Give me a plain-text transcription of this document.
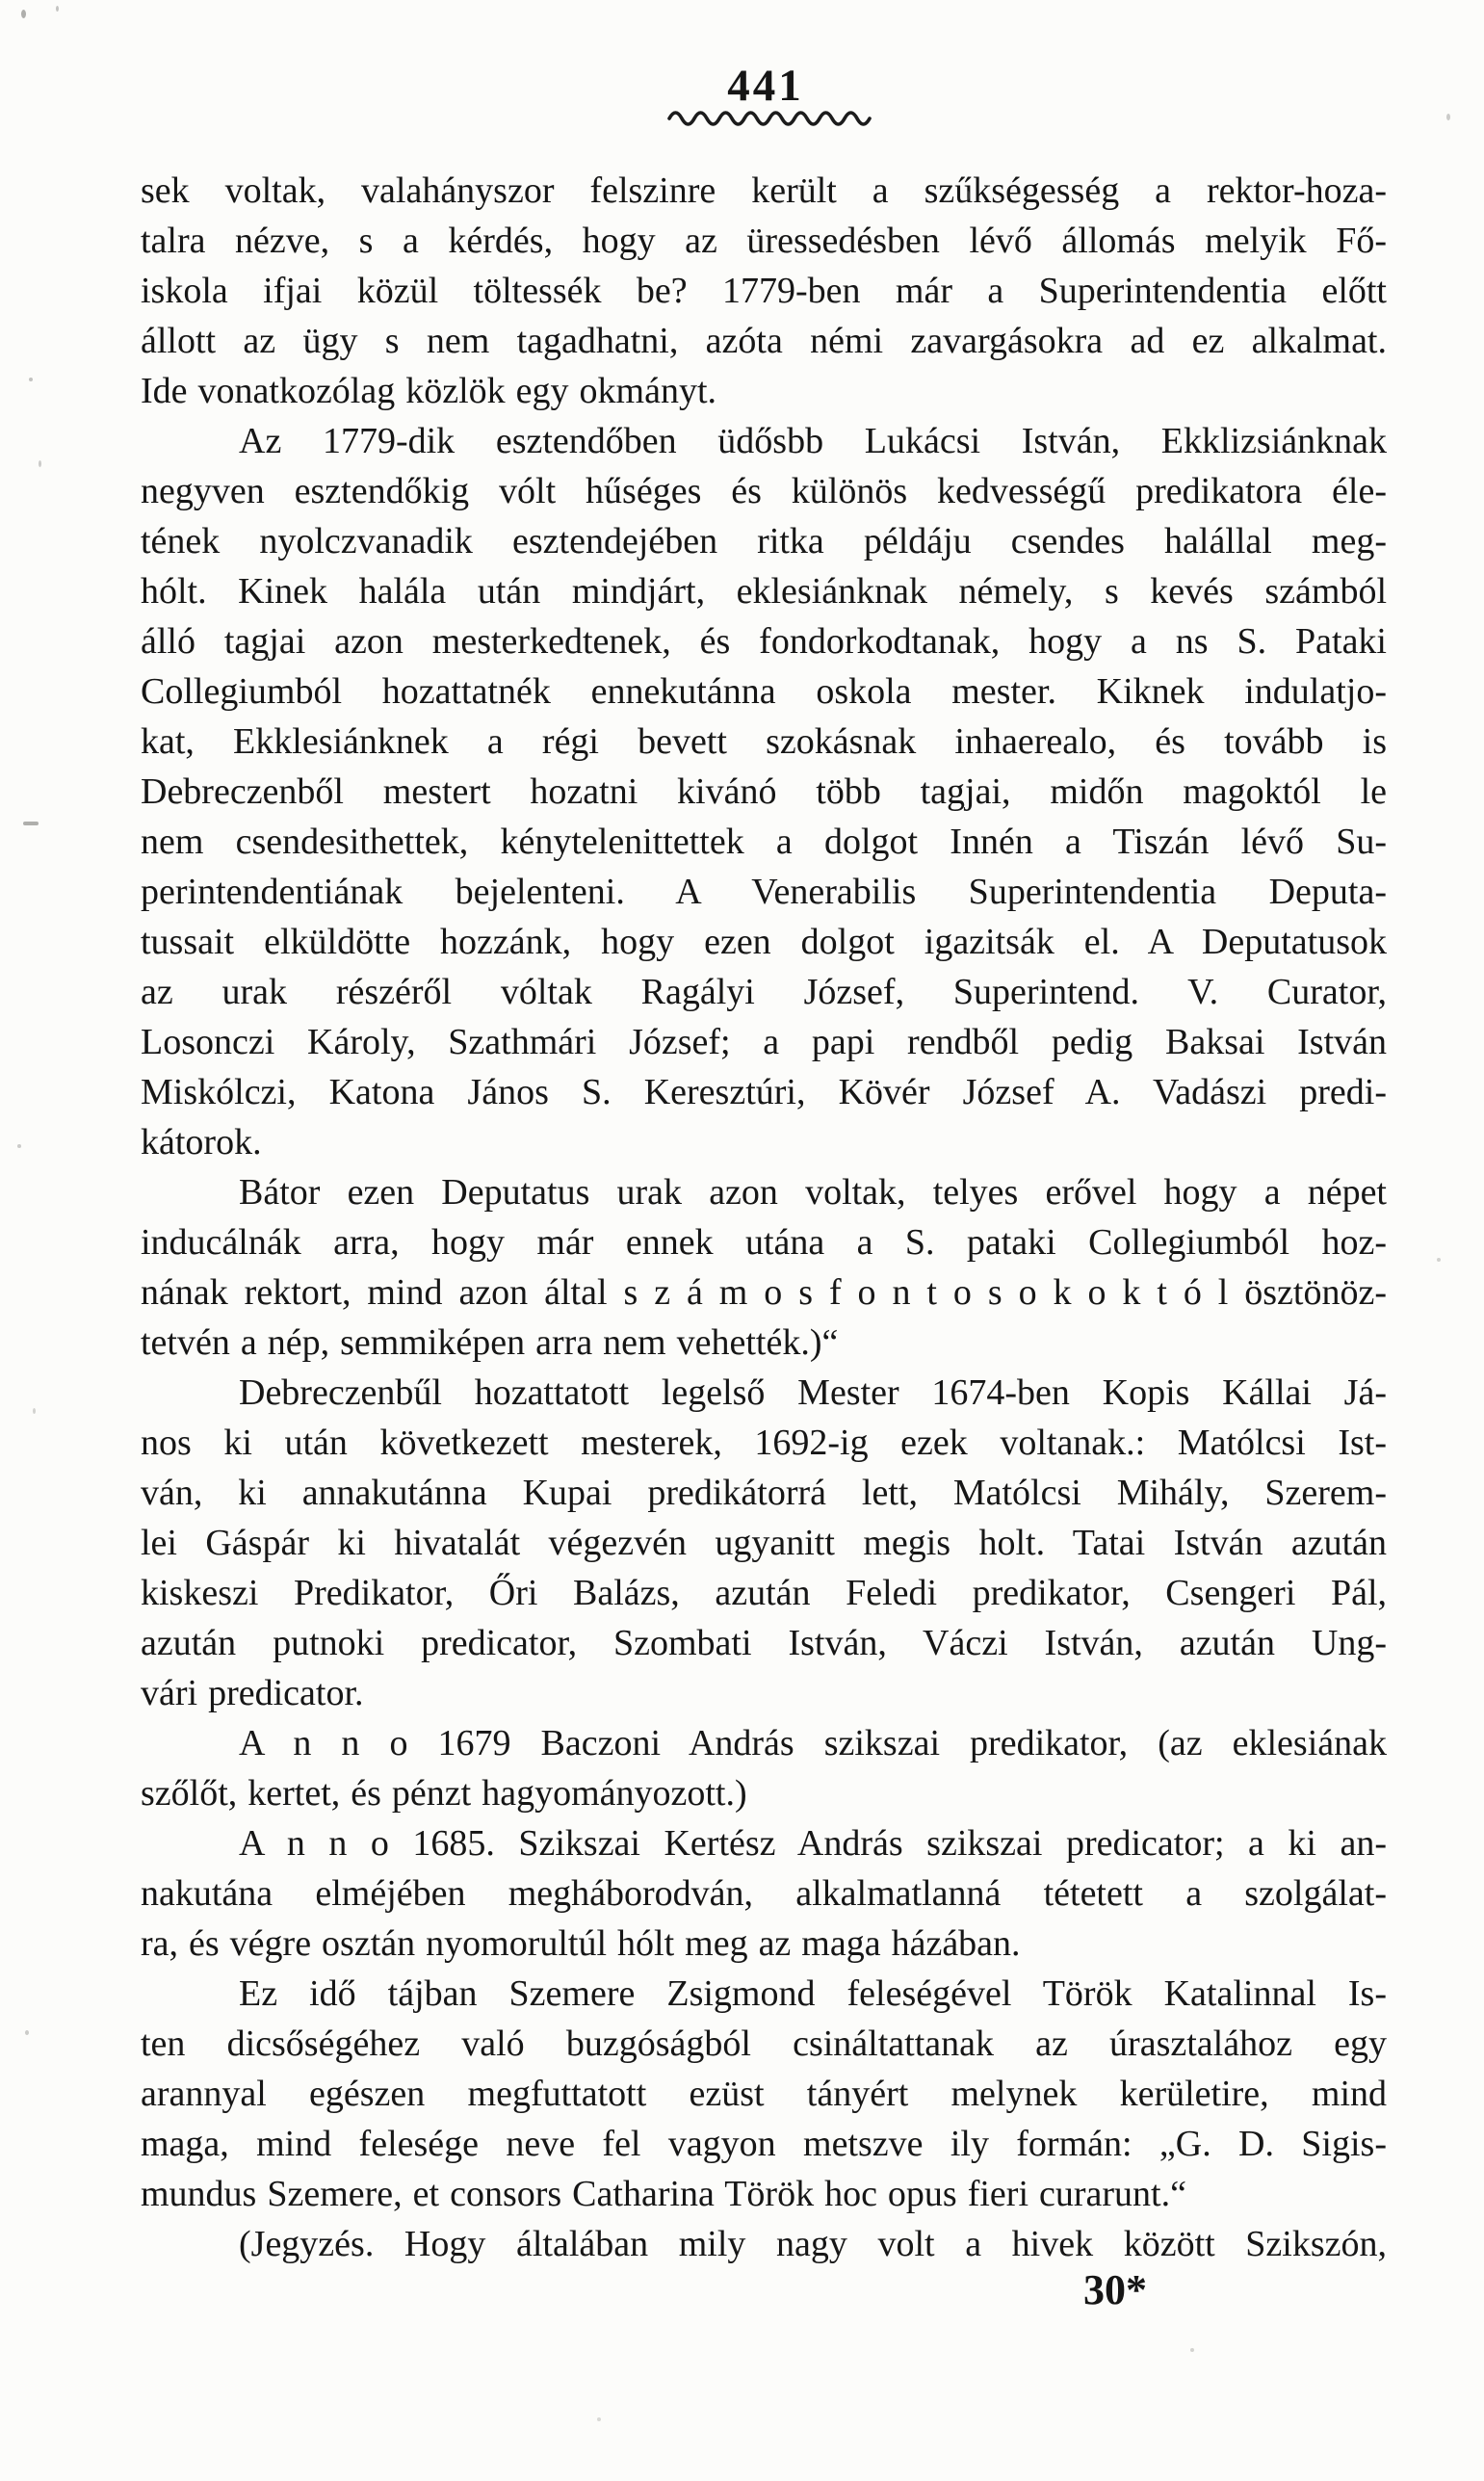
441
sek voltak, valahányszor felszinre került a szűkségesség a rektor-hoza-
talra nézve, s a kérdés, hogy az üressedésben lévő állomás melyik Fő-
iskola ifjai közül töltessék be? 1779-ben már a Superintendentia előtt
állott az ügy s nem tagadhatni, azóta némi zavargásokra ad ez alkalmat.
Ide vonatkozólag közlök egy okmányt.
Az 1779-dik esztendőben üdősbb Lukácsi István, Ekklizsiánknak
negyven esztendőkig vólt hűséges és különös kedvességű predikatora éle-
tének nyolczvanadik esztendejében ritka példáju csendes halállal meg-
hólt. Kinek halála után mindjárt, eklesiánknak némely, s kevés számból
álló tagjai azon mesterkedtenek, és fondorkodtanak, hogy a ns S. Pataki
Collegiumból hozattatnék ennekutánna oskola mester. Kiknek indulatjo-
kat, Ekklesiánknek a régi bevett szokásnak inhaerealo, és tovább is
Debreczenből mestert hozatni kivánó több tagjai, midőn magoktól le
nem csendesithettek, kénytelenittettek a dolgot Innén a Tiszán lévő Su-
perintendentiának bejelenteni. A Venerabilis Superintendentia Deputa-
tussait elküldötte hozzánk, hogy ezen dolgot igazitsák el. A Deputatusok
az urak részéről vóltak Ragályi József, Superintend. V. Curator,
Losonczi Károly, Szathmári József; a papi rendből pedig Baksai István
Miskólczi, Katona János S. Keresztúri, Kövér József A. Vadászi predi-
kátorok.
Bátor ezen Deputatus urak azon voltak, telyes erővel hogy a népet
inducálnák arra, hogy már ennek utána a S. pataki Collegiumból hoz-
nának rektort, mind azon által s z á m o s f o n t o s o k o k t ó l ösztönöz-
tetvén a nép, semmiképen arra nem vehették.)“
Debreczenbűl hozattatott legelső Mester 1674-ben Kopis Kállai Já-
nos ki után következett mesterek, 1692-ig ezek voltanak.: Matólcsi Ist-
ván, ki annakutánna Kupai predikátorrá lett, Matólcsi Mihály, Szerem-
lei Gáspár ki hivatalát végezvén ugyanitt megis holt. Tatai István azután
kiskeszi Predikator, Őri Balázs, azután Feledi predikator, Csengeri Pál,
azután putnoki predicator, Szombati István, Váczi István, azután Ung-
vári predicator.
A n n o 1679 Baczoni András szikszai predikator, (az eklesiának
szőlőt, kertet, és pénzt hagyományozott.)
A n n o 1685. Szikszai Kertész András szikszai predicator; a ki an-
nakutána elméjében megháborodván, alkalmatlanná tétetett a szolgálat-
ra, és végre osztán nyomorultúl hólt meg az maga házában.
Ez idő tájban Szemere Zsigmond feleségével Török Katalinnal Is-
ten dicsőségéhez való buzgóságból csináltattanak az úrasztalához egy
arannyal egészen megfuttatott ezüst tányért melynek kerületire, mind
maga, mind felesége neve fel vagyon metszve ily formán: „G. D. Sigis-
mundus Szemere, et consors Catharina Török hoc opus fieri curarunt.“
(Jegyzés. Hogy általában mily nagy volt a hivek között Szikszón,
30*
